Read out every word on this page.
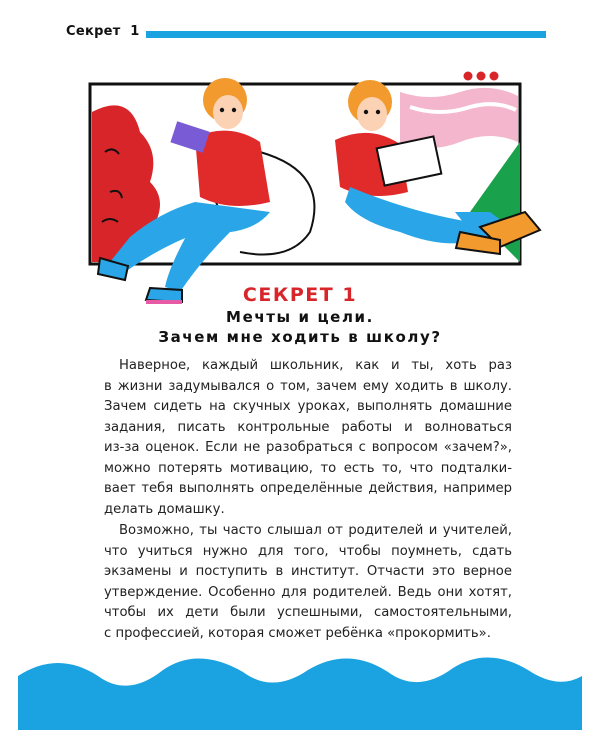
Секрет  1
СЕКРЕТ 1
Мечты и цели.
Зачем мне ходить в школу?
Наверное, каждый школьник, как и ты, хоть раз
в жизни задумывался о том, зачем ему ходить в школу.
Зачем сидеть на скучных уроках, выполнять домашние
задания, писать контрольные работы и волноваться
из-за оценок. Если не разобраться с вопросом «зачем?»,
можно потерять мотивацию, то есть то, что подталки-
вает тебя выполнять определённые действия, например
делать домашку.
Возможно, ты часто слышал от родителей и учителей,
что учиться нужно для того, чтобы поумнеть, сдать
экзамены и поступить в институт. Отчасти это верное
утверждение. Особенно для родителей. Ведь они хотят,
чтобы их дети были успешными, самостоятельными,
с профессией, которая сможет ребёнка «прокормить».
